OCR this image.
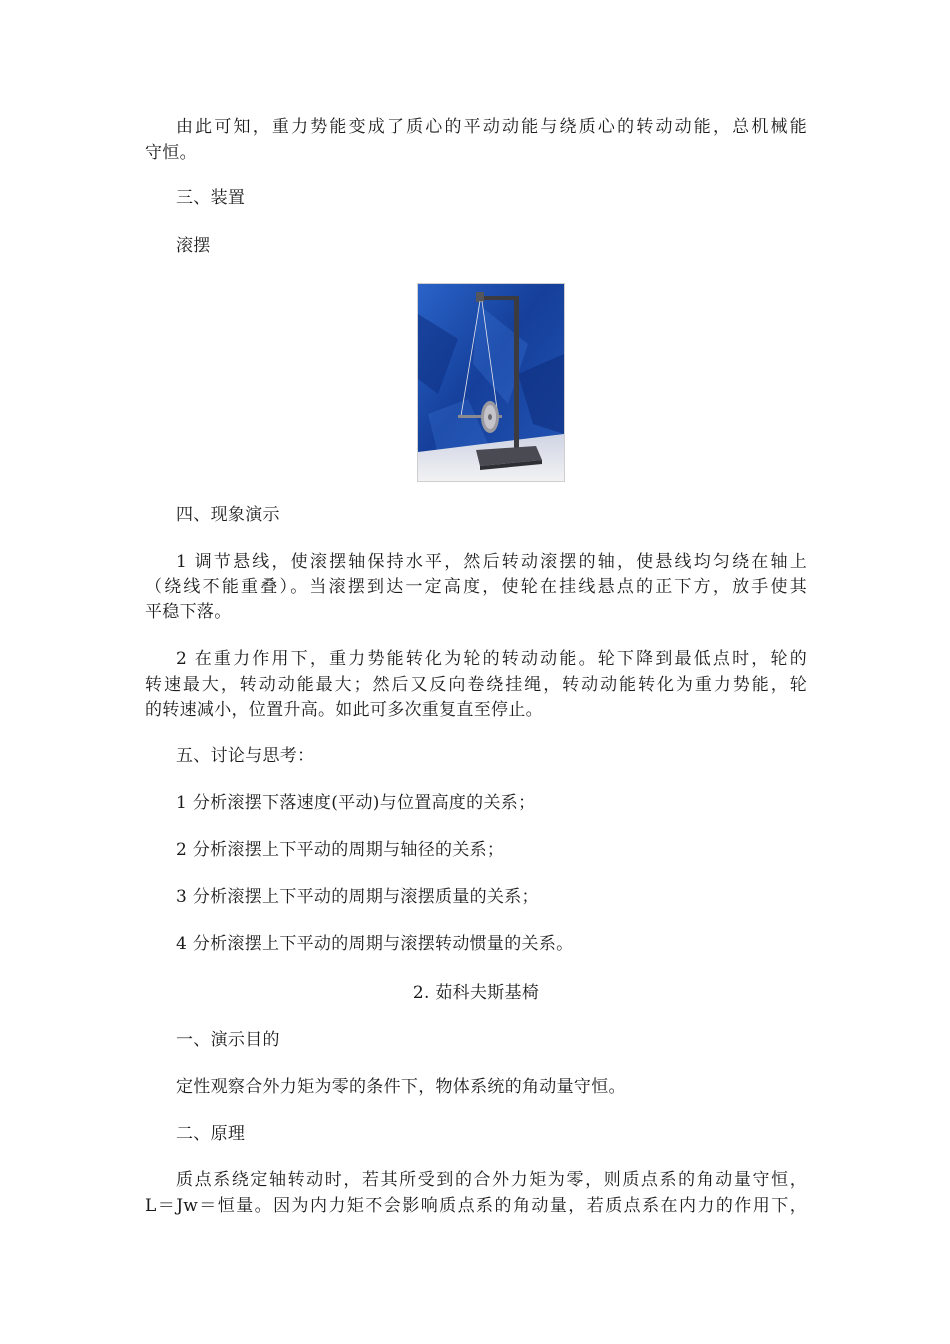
由此可知，重力势能变成了质心的平动动能与绕质心的转动动能，总机械能
守恒。
三、装置
滚摆
四、现象演示
1 调节悬线，使滚摆轴保持水平，然后转动滚摆的轴，使悬线均匀绕在轴上
（绕线不能重叠）。当滚摆到达一定高度，使轮在挂线悬点的正下方，放手使其
平稳下落。
2 在重力作用下，重力势能转化为轮的转动动能。轮下降到最低点时，轮的
转速最大，转动动能最大；然后又反向卷绕挂绳，转动动能转化为重力势能，轮
的转速减小，位置升高。如此可多次重复直至停止。
五、讨论与思考：
1 分析滚摆下落速度(平动)与位置高度的关系；
2 分析滚摆上下平动的周期与轴径的关系；
3 分析滚摆上下平动的周期与滚摆质量的关系；
4 分析滚摆上下平动的周期与滚摆转动惯量的关系。
2. 茹科夫斯基椅
一、演示目的
定性观察合外力矩为零的条件下，物体系统的角动量守恒。
二、原理
质点系绕定轴转动时，若其所受到的合外力矩为零，则质点系的角动量守恒，
L＝Jw＝恒量。因为内力矩不会影响质点系的角动量，若质点系在内力的作用下，
